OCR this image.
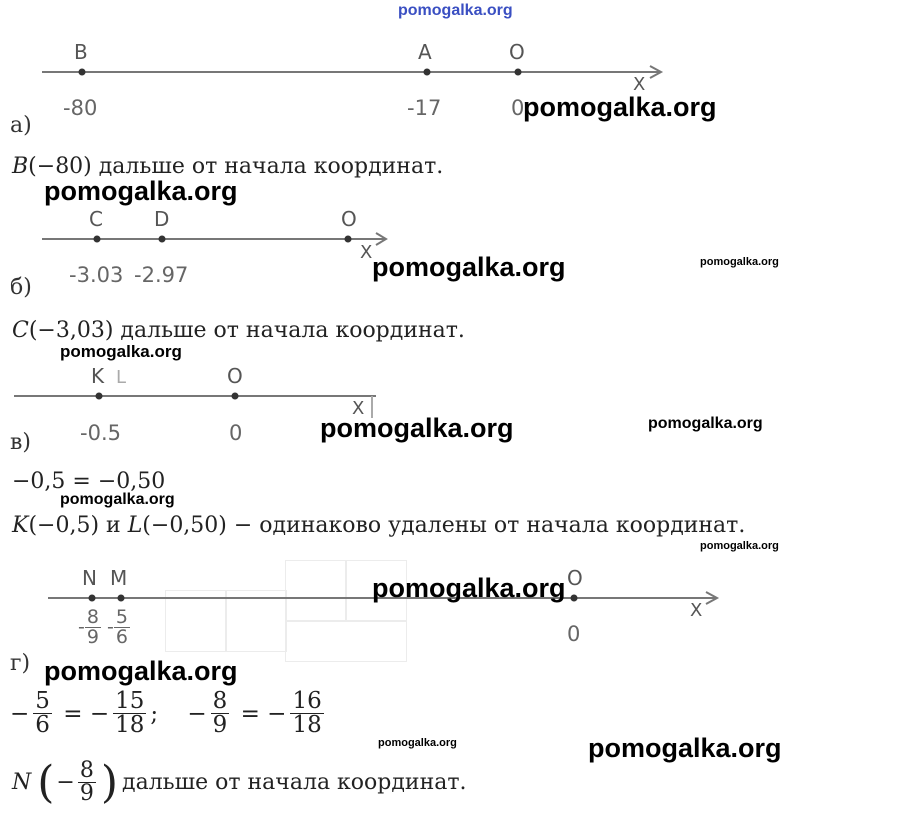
pomogalka.org
B	A	O
X
-80	-17	0
pomogalka.org
а)
B(−80) дальше от начала координат.
pomogalka.org
C	D	O
X
-3.03 -2.97	pomogalka.org	pomogalka.org
б)
C(−3,03) дальше от начала координат.
pomogalka.org
K L	O
X
-0.5	0	pomogalka.org	pomogalka.org
в)
−0,5 = −0,50
pomogalka.org
K(−0,5) и L(−0,50) − одинаково удалены от начала координат.
pomogalka.org
N M	O
X
pomogalka.org
- $\frac{8}{9} - \frac{5}{6}$	0
г) pomogalka.org
− $\frac{5}{6}$ = − $\frac{15}{18}$ ;    − $\frac{8}{9}$ = − $\frac{16}{18}$
pomogalka.org	pomogalka.org
N ( − $\frac{8}{9}$ ) дальше от начала координат.
